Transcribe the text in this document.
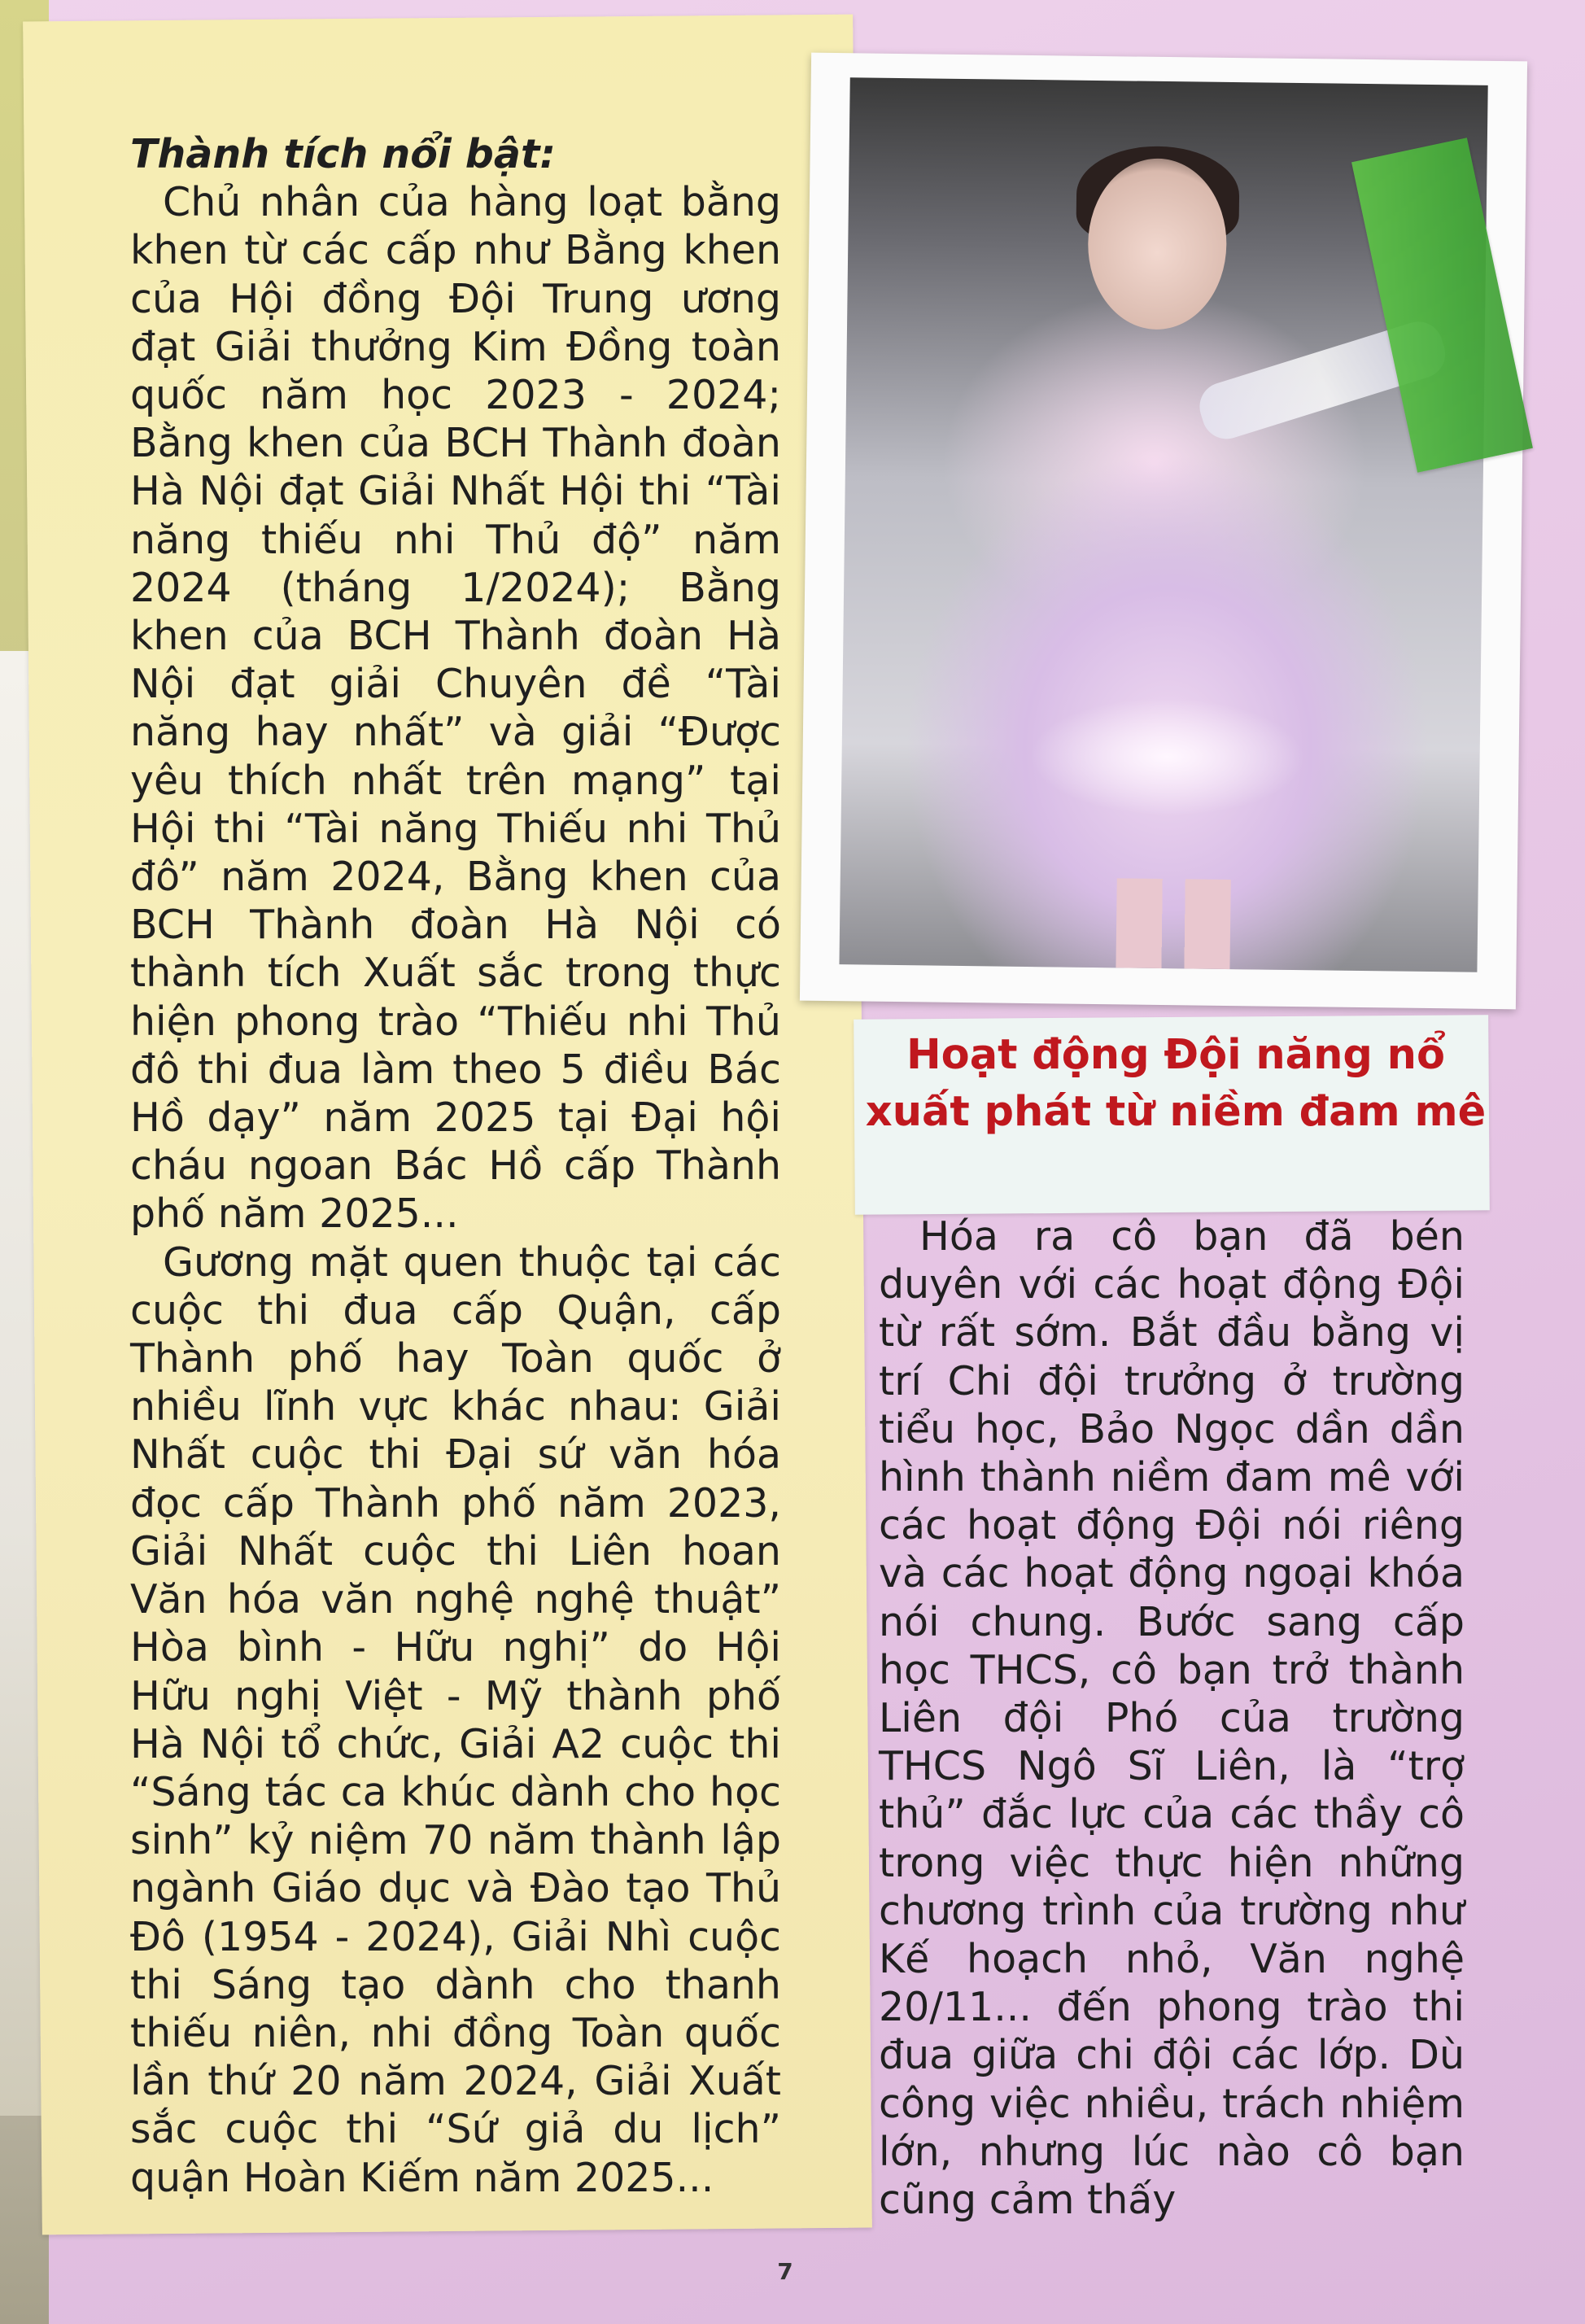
Thành tích nổi bật:

Chủ nhân của hàng loạt bằng khen từ các cấp như Bằng khen của Hội đồng Đội Trung ương đạt Giải thưởng Kim Đồng toàn quốc năm học 2023 - 2024; Bằng khen của BCH Thành đoàn Hà Nội đạt Giải Nhất Hội thi “Tài năng thiếu nhi Thủ độ” năm 2024 (tháng 1/2024); Bằng khen của BCH Thành đoàn Hà Nội đạt giải Chuyên đề “Tài năng hay nhất” và giải “Được yêu thích nhất trên mạng” tại Hội thi “Tài năng Thiếu nhi Thủ đô” năm 2024, Bằng khen của BCH Thành đoàn Hà Nội có thành tích Xuất sắc trong thực hiện phong trào “Thiếu nhi Thủ đô thi đua làm theo 5 điều Bác Hồ dạy” năm 2025 tại Đại hội cháu ngoan Bác Hồ cấp Thành phố năm 2025...

Gương mặt quen thuộc tại các cuộc thi đua cấp Quận, cấp Thành phố hay Toàn quốc ở nhiều lĩnh vực khác nhau: Giải Nhất cuộc thi Đại sứ văn hóa đọc cấp Thành phố năm 2023, Giải Nhất cuộc thi Liên hoan Văn hóa văn nghệ nghệ thuật” Hòa bình - Hữu nghị” do Hội Hữu nghị Việt - Mỹ thành phố Hà Nội tổ chức, Giải A2 cuộc thi “Sáng tác ca khúc dành cho học sinh” kỷ niệm 70 năm thành lập ngành Giáo dục và Đào tạo Thủ Đô (1954 - 2024), Giải Nhì cuộc thi Sáng tạo dành cho thanh thiếu niên, nhi đồng Toàn quốc lần thứ 20 năm 2024, Giải Xuất sắc cuộc thi “Sứ giả du lịch” quận Hoàn Kiếm năm 2025...

Hoạt động Đội năng nổ xuất phát từ niềm đam mê

Hóa ra cô bạn đã bén duyên với các hoạt động Đội từ rất sớm. Bắt đầu bằng vị trí Chi đội trưởng ở trường tiểu học, Bảo Ngọc dần dần hình thành niềm đam mê với các hoạt động Đội nói riêng và các hoạt động ngoại khóa nói chung. Bước sang cấp học THCS, cô bạn trở thành Liên đội Phó của trường THCS Ngô Sĩ Liên, là “trợ thủ” đắc lực của các thầy cô trong việc thực hiện những chương trình của trường như Kế hoạch nhỏ, Văn nghệ 20/11... đến phong trào thi đua giữa chi đội các lớp. Dù công việc nhiều, trách nhiệm lớn, nhưng lúc nào cô bạn cũng cảm thấy

7
